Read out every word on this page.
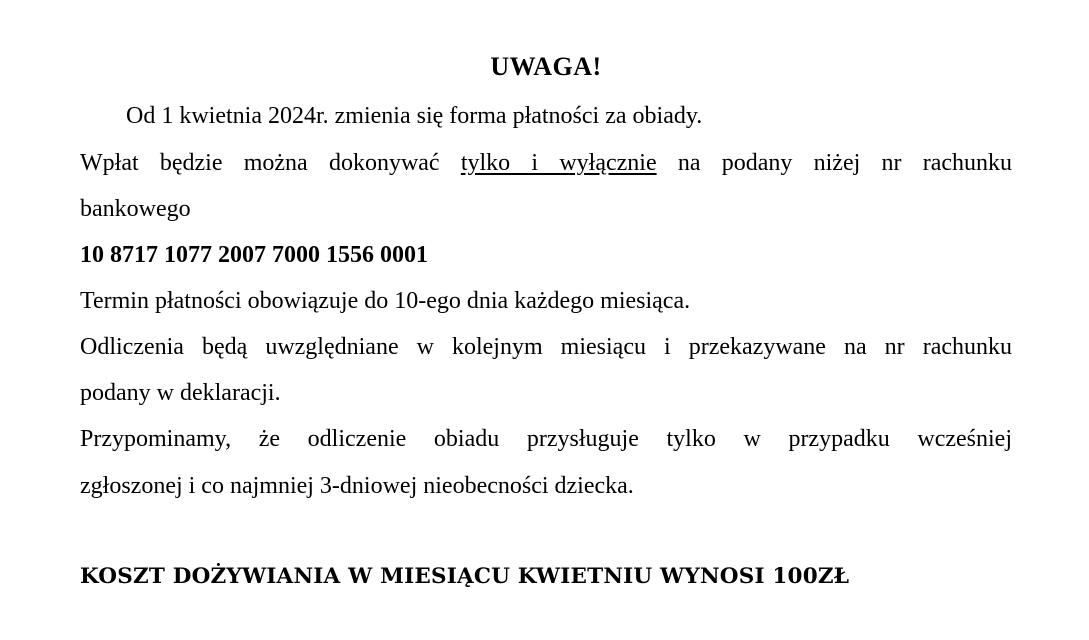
UWAGA!
Od 1 kwietnia 2024r. zmienia się forma płatności za obiady.
Wpłat będzie można dokonywać tylko i wyłącznie na podany niżej nr rachunku
bankowego
10 8717 1077 2007 7000 1556 0001
Termin płatności obowiązuje do 10-ego dnia każdego miesiąca.
Odliczenia będą uwzględniane w kolejnym miesiącu i przekazywane na nr rachunku
podany w deklaracji.
Przypominamy, że odliczenie obiadu przysługuje tylko w przypadku wcześniej
zgłoszonej i co najmniej 3-dniowej nieobecności dziecka.
KOSZT DOŻYWIANIA W MIESIĄCU KWIETNIU WYNOSI 100ZŁ
